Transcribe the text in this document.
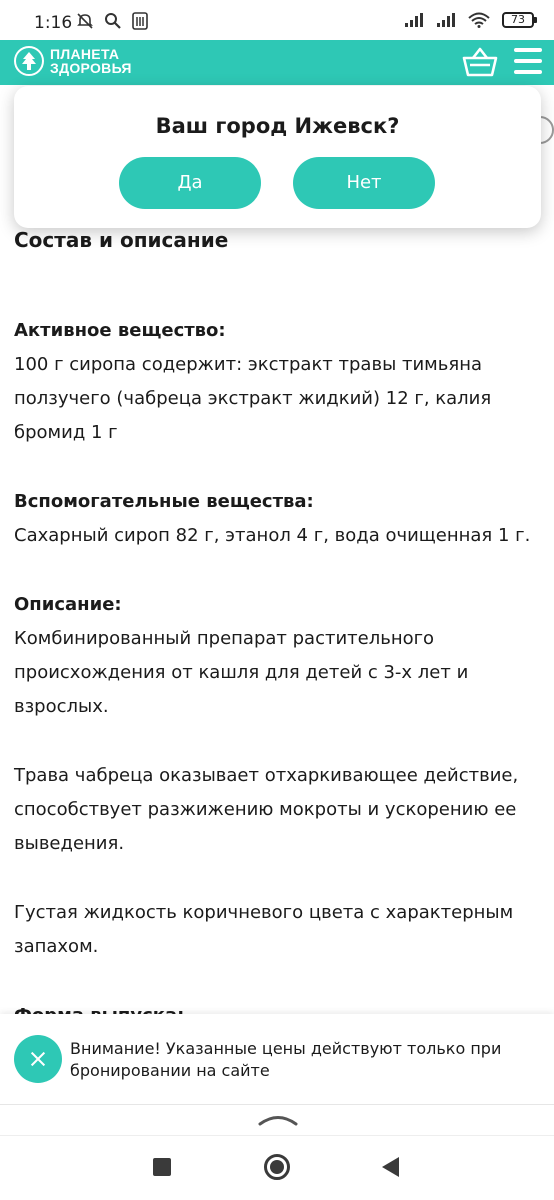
1:16	73
ПЛАНЕТА
ЗДОРОВЬЯ
Состав и описание
Ваш город Ижевск?
Да	Нет

Активное вещество:

100 г сиропа содержит: экстракт травы тимьяна

ползучего (чабреца экстракт жидкий) 12 г, калия

бромид 1 г

Вспомогательные вещества:

Сахарный сироп 82 г, этанол 4 г, вода очищенная 1 г.

Описание:

Комбинированный препарат растительного

происхождения от кашля для детей с 3-х лет и

взрослых.

Трава чабреца оказывает отхаркивающее действие,

способствует разжижению мокроты и ускорению ее

выведения.

Густая жидкость коричневого цвета с характерным

запахом.

Внимание! Указанные цены действуют только при
бронировании на сайте
